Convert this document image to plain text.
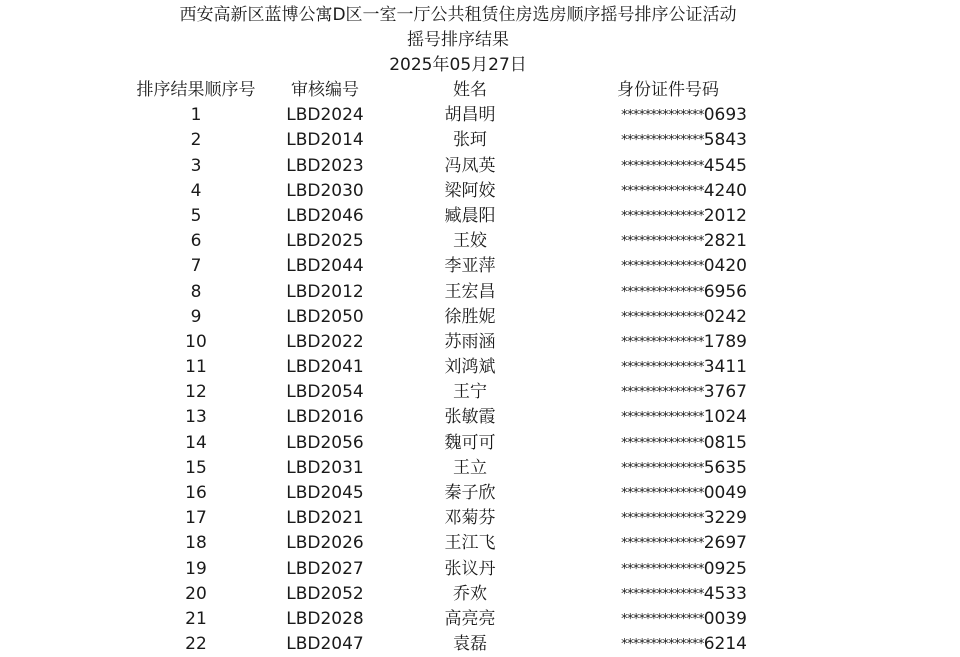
西安高新区蓝博公寓D区一室一厅公共租赁住房选房顺序摇号排序公证活动
摇号排序结果
2025年05月27日
排序结果顺序号	审核编号	姓名	身份证件号码
1	LBD2024	胡昌明	**************0693
2	LBD2014	张珂	**************5843
3	LBD2023	冯凤英	**************4545
4	LBD2030	梁阿姣	**************4240
5	LBD2046	臧晨阳	**************2012
6	LBD2025	王姣	**************2821
7	LBD2044	李亚萍	**************0420
8	LBD2012	王宏昌	**************6956
9	LBD2050	徐胜妮	**************0242
10	LBD2022	苏雨涵	**************1789
11	LBD2041	刘鸿斌	**************3411
12	LBD2054	王宁	**************3767
13	LBD2016	张敏霞	**************1024
14	LBD2056	魏可可	**************0815
15	LBD2031	王立	**************5635
16	LBD2045	秦子欣	**************0049
17	LBD2021	邓菊芬	**************3229
18	LBD2026	王江飞	**************2697
19	LBD2027	张议丹	**************0925
20	LBD2052	乔欢	**************4533
21	LBD2028	高亮亮	**************0039
22	LBD2047	袁磊	**************6214
